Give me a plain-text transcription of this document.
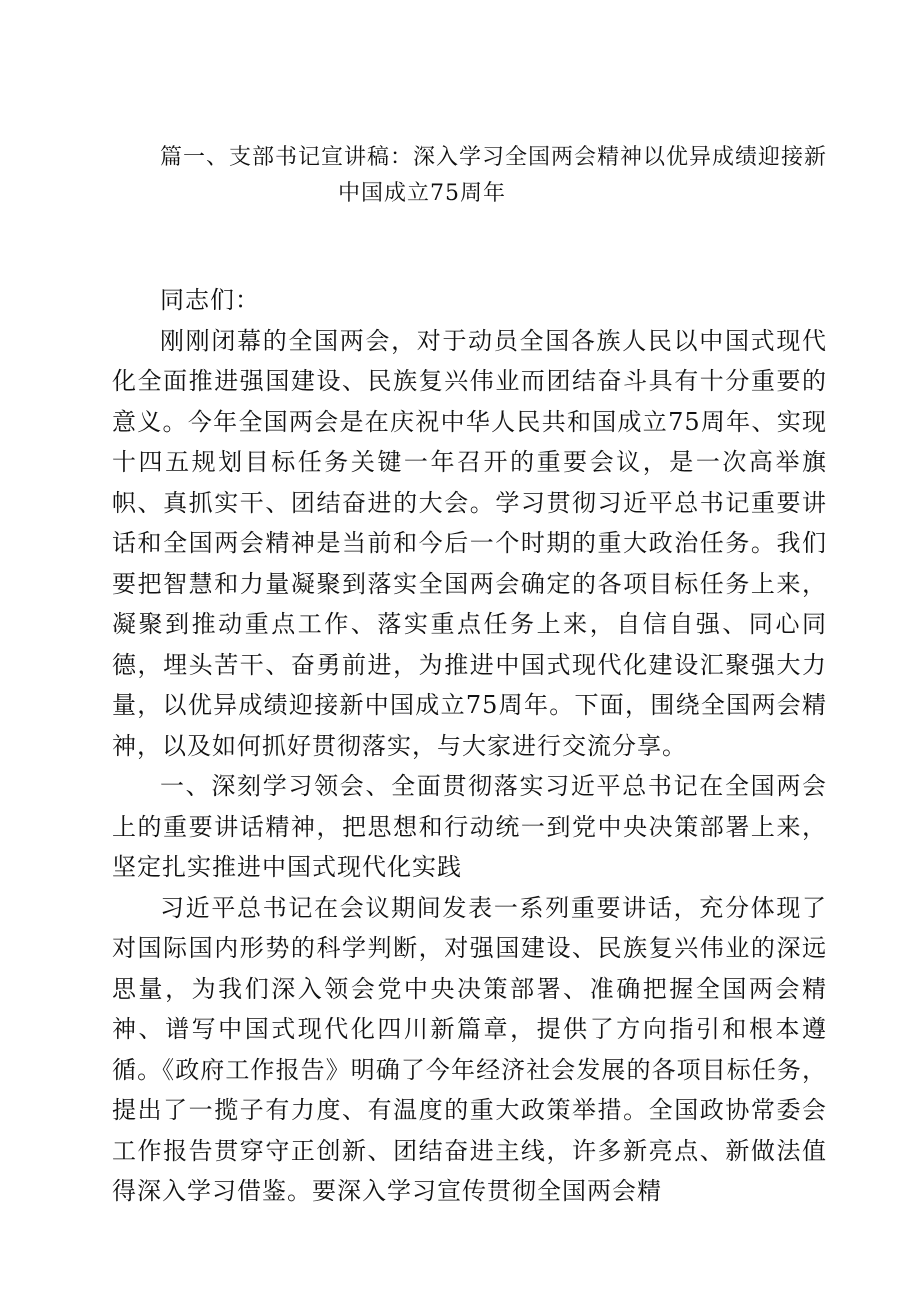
篇一、支部书记宣讲稿：深入学习全国两会精神以优异成绩迎接新
中国成立75周年

同志们：

刚刚闭幕的全国两会，对于动员全国各族人民以中国式现代化全面推进强国建设、民族复兴伟业而团结奋斗具有十分重要的意义。今年全国两会是在庆祝中华人民共和国成立75周年、实现十四五规划目标任务关键一年召开的重要会议，是一次高举旗帜、真抓实干、团结奋进的大会。学习贯彻习近平总书记重要讲话和全国两会精神是当前和今后一个时期的重大政治任务。我们要把智慧和力量凝聚到落实全国两会确定的各项目标任务上来，凝聚到推动重点工作、落实重点任务上来，自信自强、同心同德，埋头苦干、奋勇前进，为推进中国式现代化建设汇聚强大力量，以优异成绩迎接新中国成立75周年。下面，围绕全国两会精神，以及如何抓好贯彻落实，与大家进行交流分享。

一、深刻学习领会、全面贯彻落实习近平总书记在全国两会上的重要讲话精神，把思想和行动统一到党中央决策部署上来，坚定扎实推进中国式现代化实践

习近平总书记在会议期间发表一系列重要讲话，充分体现了对国际国内形势的科学判断，对强国建设、民族复兴伟业的深远思量，为我们深入领会党中央决策部署、准确把握全国两会精神、谱写中国式现代化四川新篇章，提供了方向指引和根本遵循。《政府工作报告》明确了今年经济社会发展的各项目标任务，提出了一揽子有力度、有温度的重大政策举措。全国政协常委会工作报告贯穿守正创新、团结奋进主线，许多新亮点、新做法值得深入学习借鉴。要深入学习宣传贯彻全国两会精
